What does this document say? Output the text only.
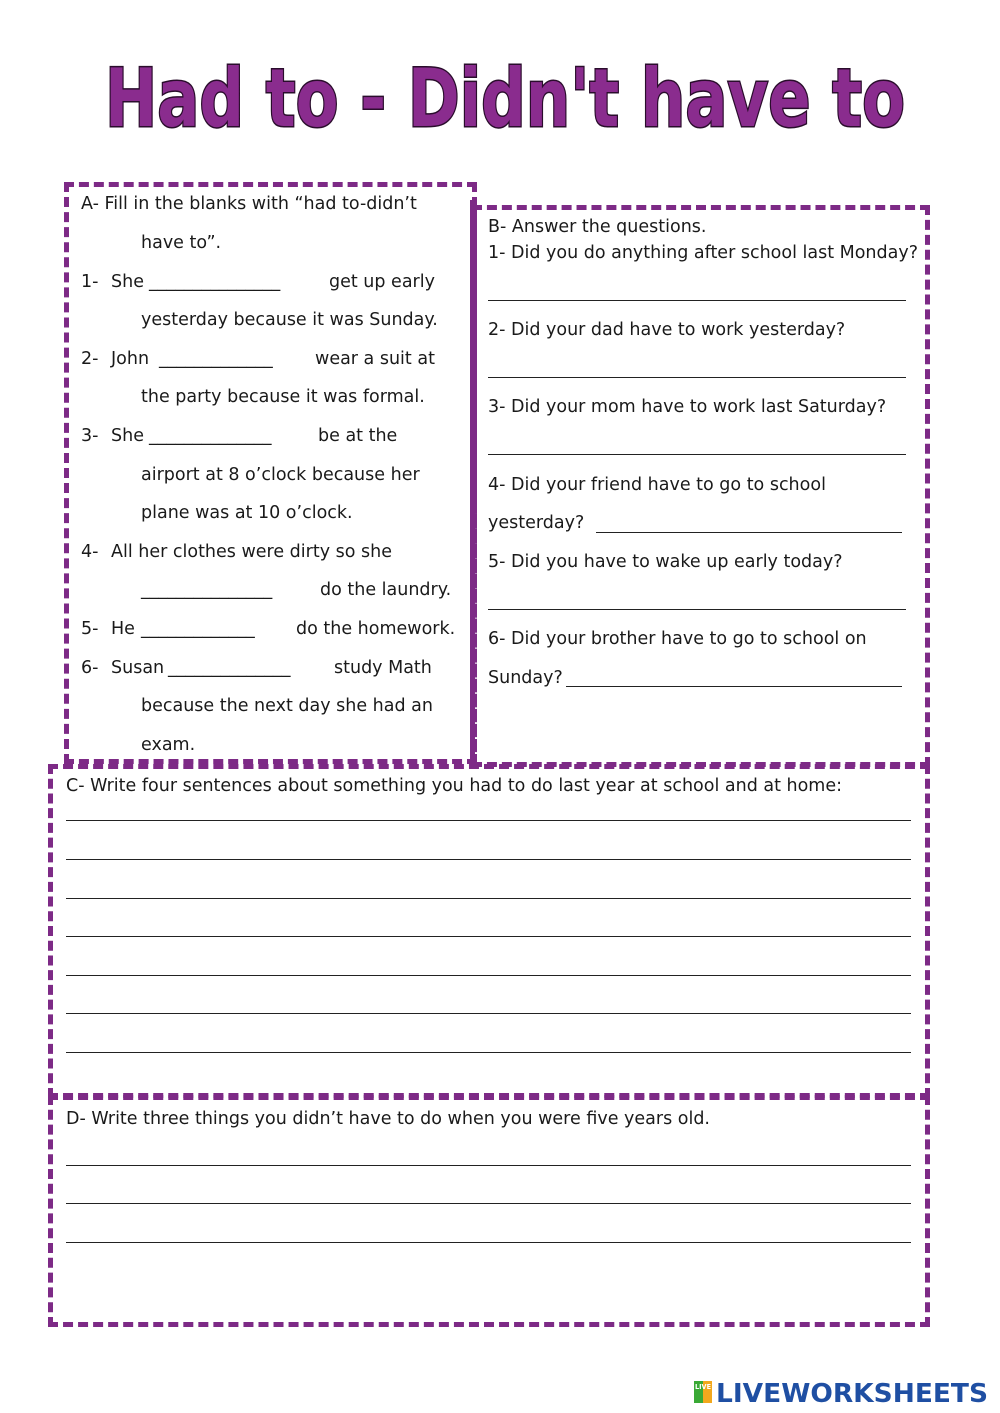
Had to - Didn't have to
A- Fill in the blanks with “had to-didn’t
have to”.
1- She _______________	get up early
yesterday because it was Sunday.
2- John _____________ wear a suit at
the party because it was formal.
3- She ______________	be at the
airport at 8 o’clock because her
plane was at 10 o’clock.
4- All her clothes were dirty so she
_______________	do the laundry.
5- He _____________ do the homework.
6- Susan ______________ study Math
because the next day she had an
exam.
B- Answer the questions.
1- Did you do anything after school last Monday?
2- Did your dad have to work yesterday?
3- Did your mom have to work last Saturday?
4- Did your friend have to go to school
yesterday?
5- Did you have to wake up early today?
6- Did your brother have to go to school on
Sunday?
C- Write four sentences about something you had to do last year at school and at home:
D- Write three things you didn’t have to do when you were five years old.
LIVE LIVEWORKSHEETS
